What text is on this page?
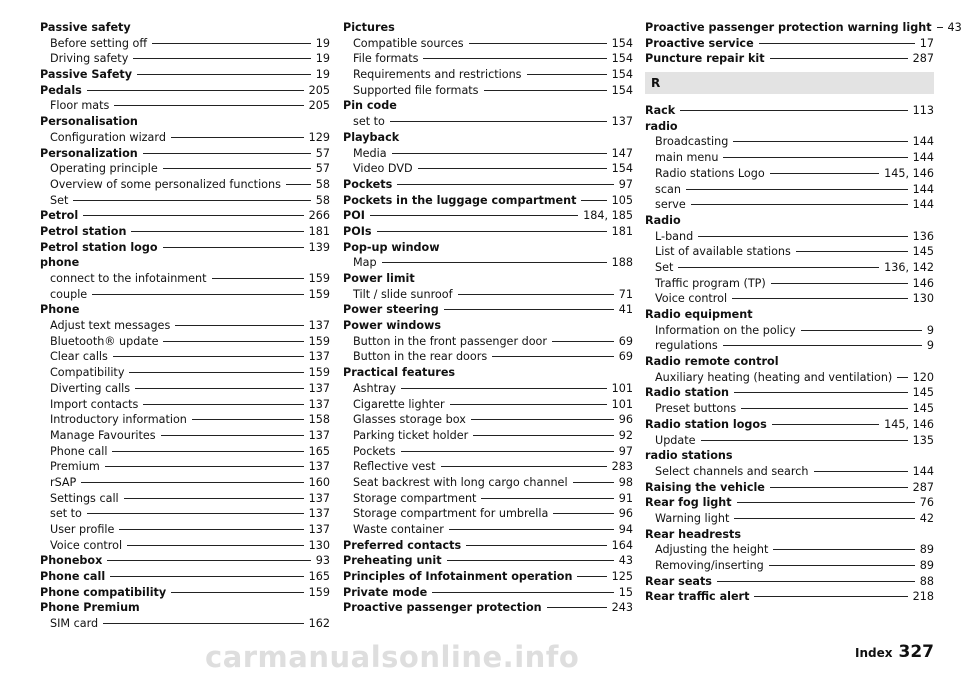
Passive safety
Before setting off	19
Driving safety	19
Passive Safety	19
Pedals	205
Floor mats	205
Personalisation
Configuration wizard	129
Personalization	57
Operating principle	57
Overview of some personalized functions	58
Set	58
Petrol	266
Petrol station	181
Petrol station logo	139
phone
connect to the infotainment	159
couple	159
Phone
Adjust text messages	137
Bluetooth® update	159
Clear calls	137
Compatibility	159
Diverting calls	137
Import contacts	137
Introductory information	158
Manage Favourites	137
Phone call	165
Premium	137
rSAP	160
Settings call	137
set to	137
User profile	137
Voice control	130
Phonebox	93
Phone call	165
Phone compatibility	159
Phone Premium
SIM card	162
Pictures
Compatible sources	154
File formats	154
Requirements and restrictions	154
Supported file formats	154
Pin code
set to	137
Playback
Media	147
Video DVD	154
Pockets	97
Pockets in the luggage compartment	105
POI	184, 185
POIs	181
Pop-up window
Map	188
Power limit
Tilt / slide sunroof	71
Power steering	41
Power windows
Button in the front passenger door	69
Button in the rear doors	69
Practical features
Ashtray	101
Cigarette lighter	101
Glasses storage box	96
Parking ticket holder	92
Pockets	97
Reflective vest	283
Seat backrest with long cargo channel	98
Storage compartment	91
Storage compartment for umbrella	96
Waste container	94
Preferred contacts	164
Preheating unit	43
Principles of Infotainment operation	125
Private mode	15
Proactive passenger protection	243
Proactive passenger protection warning light 43
Proactive service	17
Puncture repair kit	287
R
Rack	113
radio
Broadcasting	144
main menu	144
Radio stations Logo	145, 146
scan	144
serve	144
Radio
L-band	136
List of available stations	145
Set	136, 142
Traffic program (TP)	146
Voice control	130
Radio equipment
Information on the policy	9
regulations	9
Radio remote control
Auxiliary heating (heating and ventilation) 120
Radio station	145
Preset buttons	145
Radio station logos	145, 146
Update	135
radio stations
Select channels and search	144
Raising the vehicle	287
Rear fog light	76
Warning light	42
Rear headrests
Adjusting the height	89
Removing/inserting	89
Rear seats	88
Rear traffic alert	218
carmanualsonline.info	Index 327
